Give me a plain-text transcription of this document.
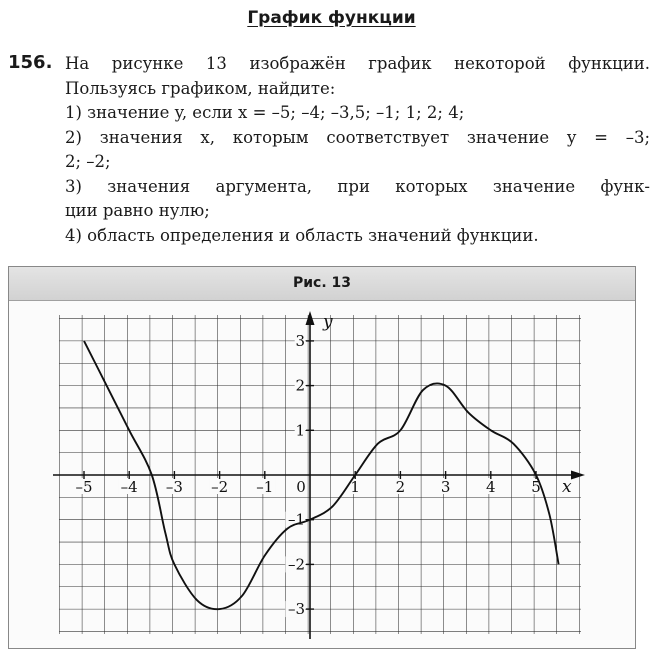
График функции
156. На рисунке 13 изображён график некоторой функции.
Пользуясь графиком, найдите:
1) значение y, если x = –5; –4; –3,5; –1; 1; 2; 4;
2) значения x, которым соответствует значение y = –3;
2; –2;
3) значения аргумента, при которых значение функ-
ции равно нулю;
4) область определения и область значений функции.
Рис. 13
x
y
–5 –4 –3 –2 –1 0	1 2 3 4 5
3
2
1
–1
–2
–3
